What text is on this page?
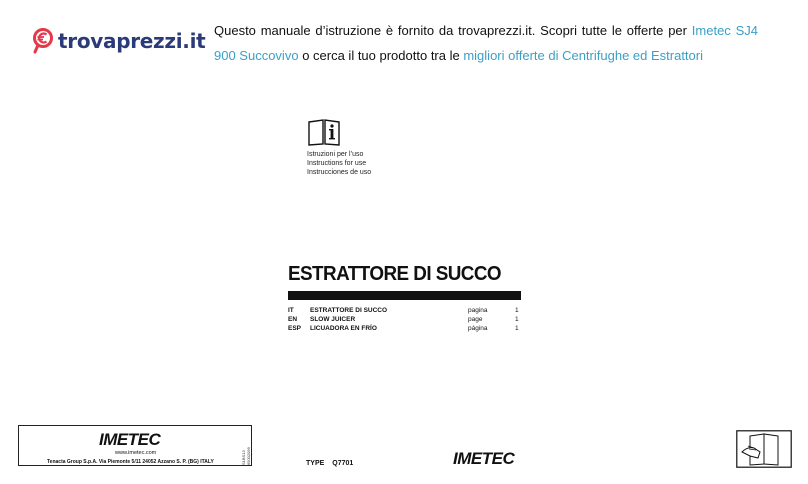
trovaprezzi.it Questo manuale d’istruzione è fornito da trovaprezzi.it. Scopri tutte le offerte per Imetec SJ4 900 Succovivo o cerca il tuo prodotto tra le migliori offerte di Centrifughe ed Estrattori
Istruzioni per l’uso
Instructions for use
Instrucciones de uso
ESTRATTORE DI SUCCO
IT ESTRATTORE DI SUCCO	pagina	1
EN SLOW JUICER	page	1
ESP LICUADORA EN FRÍO	página	1
IMETEC
www.imetec.com
Tenacta Group S.p.A. Via Piemonte 5/11 24052 Azzano S. P. (BG) ITALY	S1BS13 65002099	TYPE Q7701	IMETEC
